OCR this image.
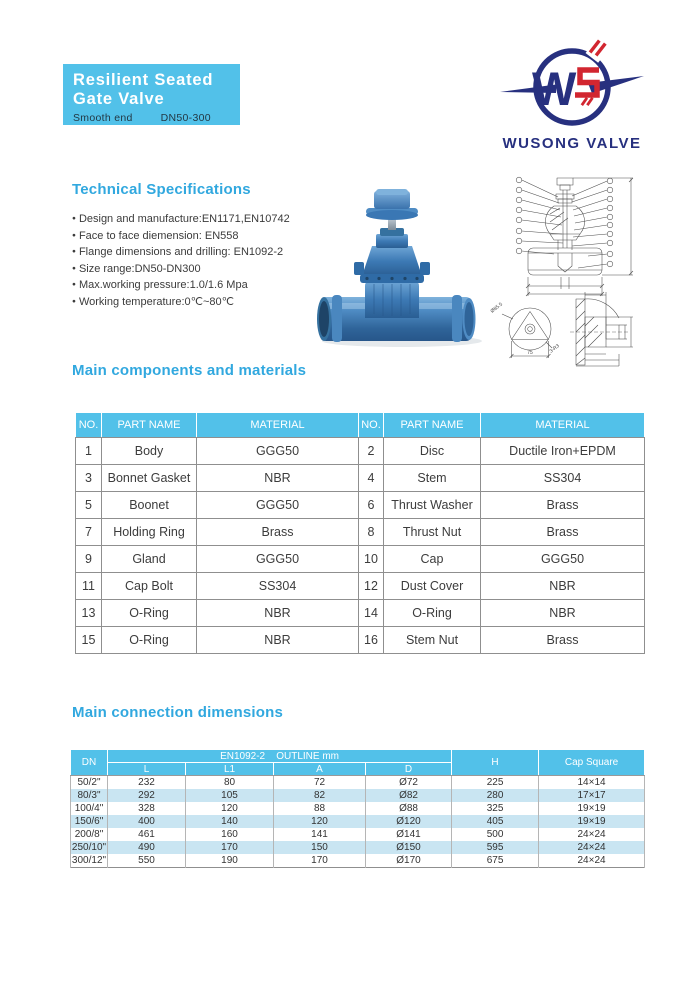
Resilient Seated
Gate Valve
Smooth end	DN50-300
W
WUSONG VALVE
Technical Specifications
● Design and manufacture:EN1171,EN10742
● Face to face diemension: EN558
● Flange dimensions and drilling: EN1092-2
● Size range:DN50-DN300
● Max.working pressure:1.0/1.6 Mpa
● Working temperature:0℃~80℃
75
Ø85.5
3-R3
Main components and materials
NO.	PART NAME	MATERIAL	NO.	PART NAME	MATERIAL
1	Body	GGG50	2	Disc	Ductile Iron+EPDM
3	Bonnet Gasket	NBR	4	Stem	SS304
5	Boonet	GGG50	6	Thrust Washer	Brass
7	Holding Ring	Brass	8	Thrust Nut	Brass
9	Gland	GGG50	10	Cap	GGG50
11	Cap Bolt	SS304	12	Dust Cover	NBR
13	O-Ring	NBR	14	O-Ring	NBR
15	O-Ring	NBR	16	Stem Nut	Brass
Main connection dimensions
DN	EN1092-2    OUTLINE mm				H	Cap Square
	L	L1	A	D		
50/2"	232	80	72	Ø72	225	14×14
80/3"	292	105	82	Ø82	280	17×17
100/4"	328	120	88	Ø88	325	19×19
150/6"	400	140	120	Ø120	405	19×19
200/8"	461	160	141	Ø141	500	24×24
250/10"	490	170	150	Ø150	595	24×24
300/12"	550	190	170	Ø170	675	24×24
